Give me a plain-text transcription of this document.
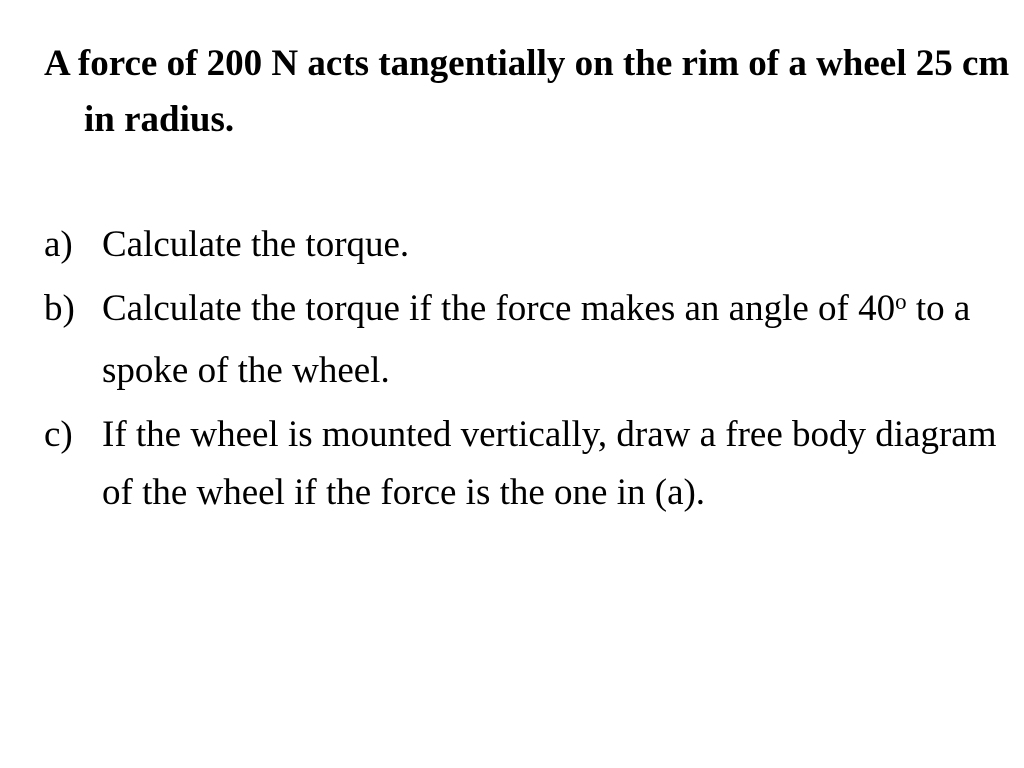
A force of 200 N acts tangentially on the rim of a wheel 25 cm in radius.

a) Calculate the torque.
b) Calculate the torque if the force makes an angle of 40$^o$ to a spoke of the wheel.
c) If the wheel is mounted vertically, draw a free body diagram of the wheel if the force is the one in (a).
